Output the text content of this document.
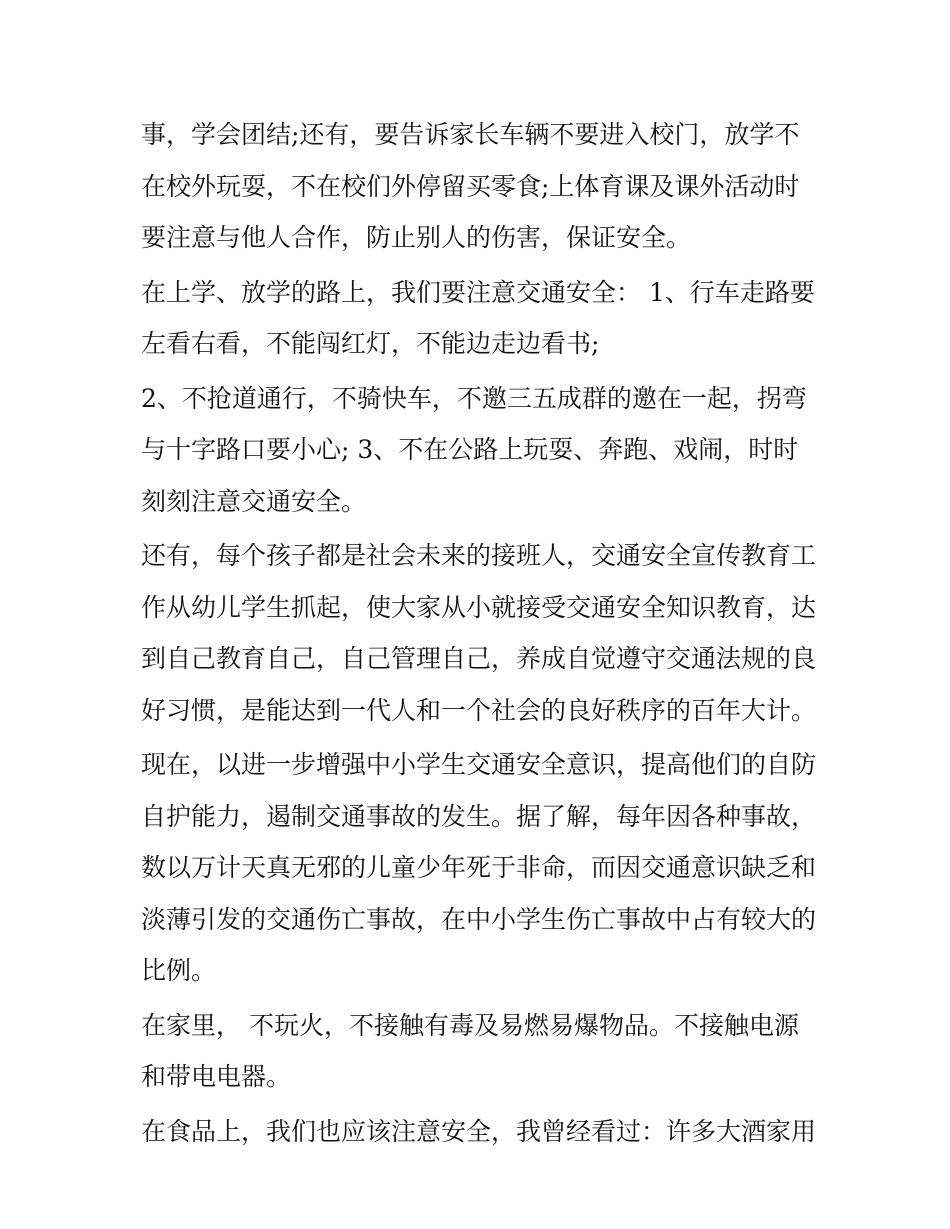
事，学会团结;还有，要告诉家长车辆不要进入校门，放学不在校外玩耍，不在校们外停留买零食;上体育课及课外活动时要注意与他人合作，防止别人的伤害，保证安全。

在上学、放学的路上，我们要注意交通安全： 1、行车走路要左看右看，不能闯红灯，不能边走边看书;

2、不抢道通行，不骑快车，不邀三五成群的邀在一起，拐弯与十字路口要小心; 3、不在公路上玩耍、奔跑、戏闹，时时刻刻注意交通安全。

还有，每个孩子都是社会未来的接班人，交通安全宣传教育工作从幼儿学生抓起，使大家从小就接受交通安全知识教育，达到自己教育自己，自己管理自己，养成自觉遵守交通法规的良好习惯，是能达到一代人和一个社会的良好秩序的百年大计。

现在，以进一步增强中小学生交通安全意识，提高他们的自防自护能力，遏制交通事故的发生。据了解，每年因各种事故，数以万计天真无邪的儿童少年死于非命，而因交通意识缺乏和淡薄引发的交通伤亡事故，在中小学生伤亡事故中占有较大的比例。

在家里， 不玩火，不接触有毒及易燃易爆物品。不接触电源和带电电器。

在食品上，我们也应该注意安全，我曾经看过：许多大酒家用
